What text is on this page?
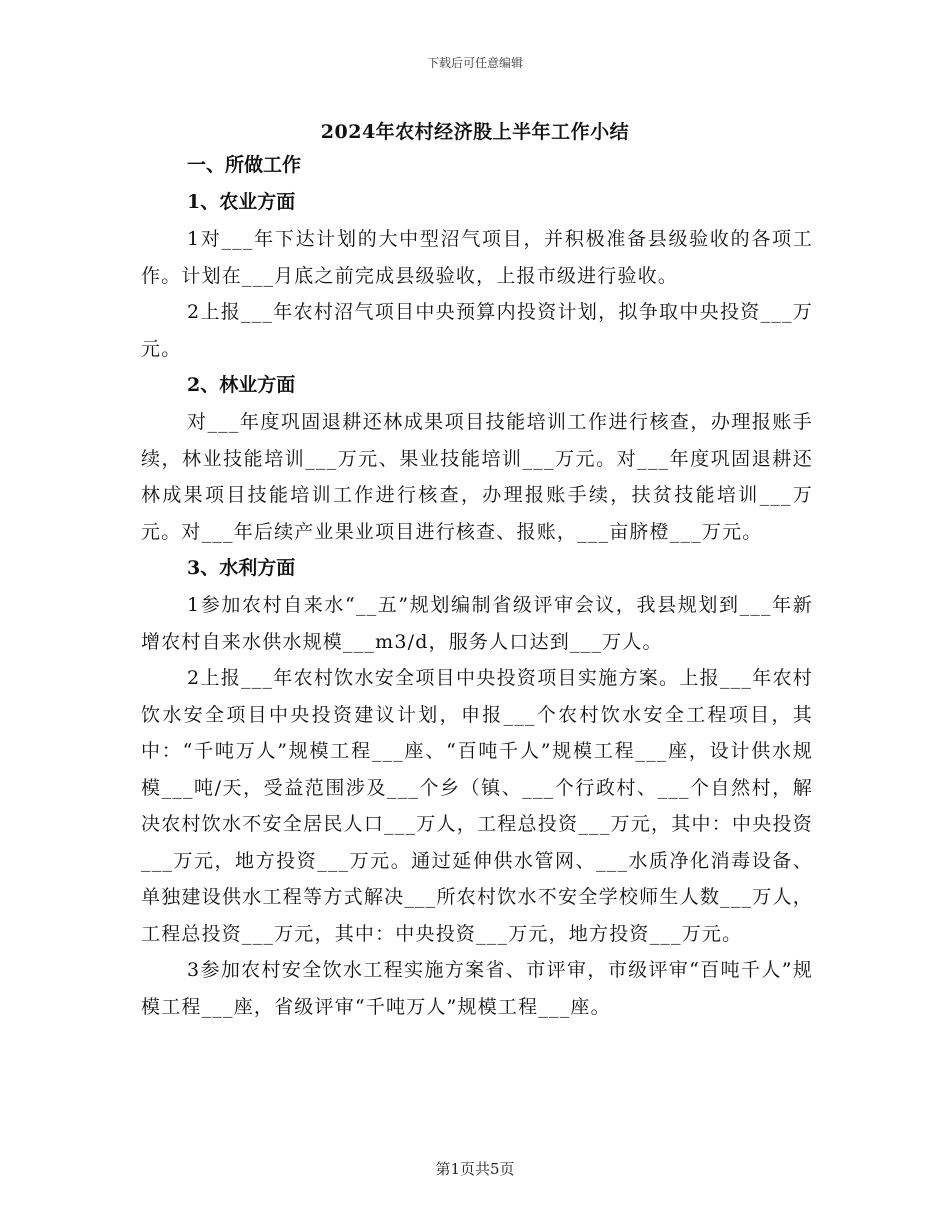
下载后可任意编辑
2024年农村经济股上半年工作小结

一、所做工作

1、农业方面

1对___年下达计划的大中型沼气项目，并积极准备县级验收的各项工作。计划在___月底之前完成县级验收，上报市级进行验收。

2上报___年农村沼气项目中央预算内投资计划，拟争取中央投资___万元。

2、林业方面

对___年度巩固退耕还林成果项目技能培训工作进行核查，办理报账手续，林业技能培训___万元、果业技能培训___万元。对___年度巩固退耕还林成果项目技能培训工作进行核查，办理报账手续，扶贫技能培训___万元。对___年后续产业果业项目进行核查、报账，___亩脐橙___万元。

3、水利方面

1参加农村自来水“__五”规划编制省级评审会议，我县规划到___年新增农村自来水供水规模___m3/d，服务人口达到___万人。

2上报___年农村饮水安全项目中央投资项目实施方案。上报___年农村饮水安全项目中央投资建议计划，申报___个农村饮水安全工程项目，其中：“千吨万人”规模工程___座、“百吨千人”规模工程___座，设计供水规模___吨/天，受益范围涉及___个乡（镇、___个行政村、___个自然村，解决农村饮水不安全居民人口___万人，工程总投资___万元，其中：中央投资___万元，地方投资___万元。通过延伸供水管网、___水质净化消毒设备、单独建设供水工程等方式解决___所农村饮水不安全学校师生人数___万人，工程总投资___万元，其中：中央投资___万元，地方投资___万元。

3参加农村安全饮水工程实施方案省、市评审，市级评审“百吨千人”规模工程___座，省级评审“千吨万人”规模工程___座。

第1页共5页
